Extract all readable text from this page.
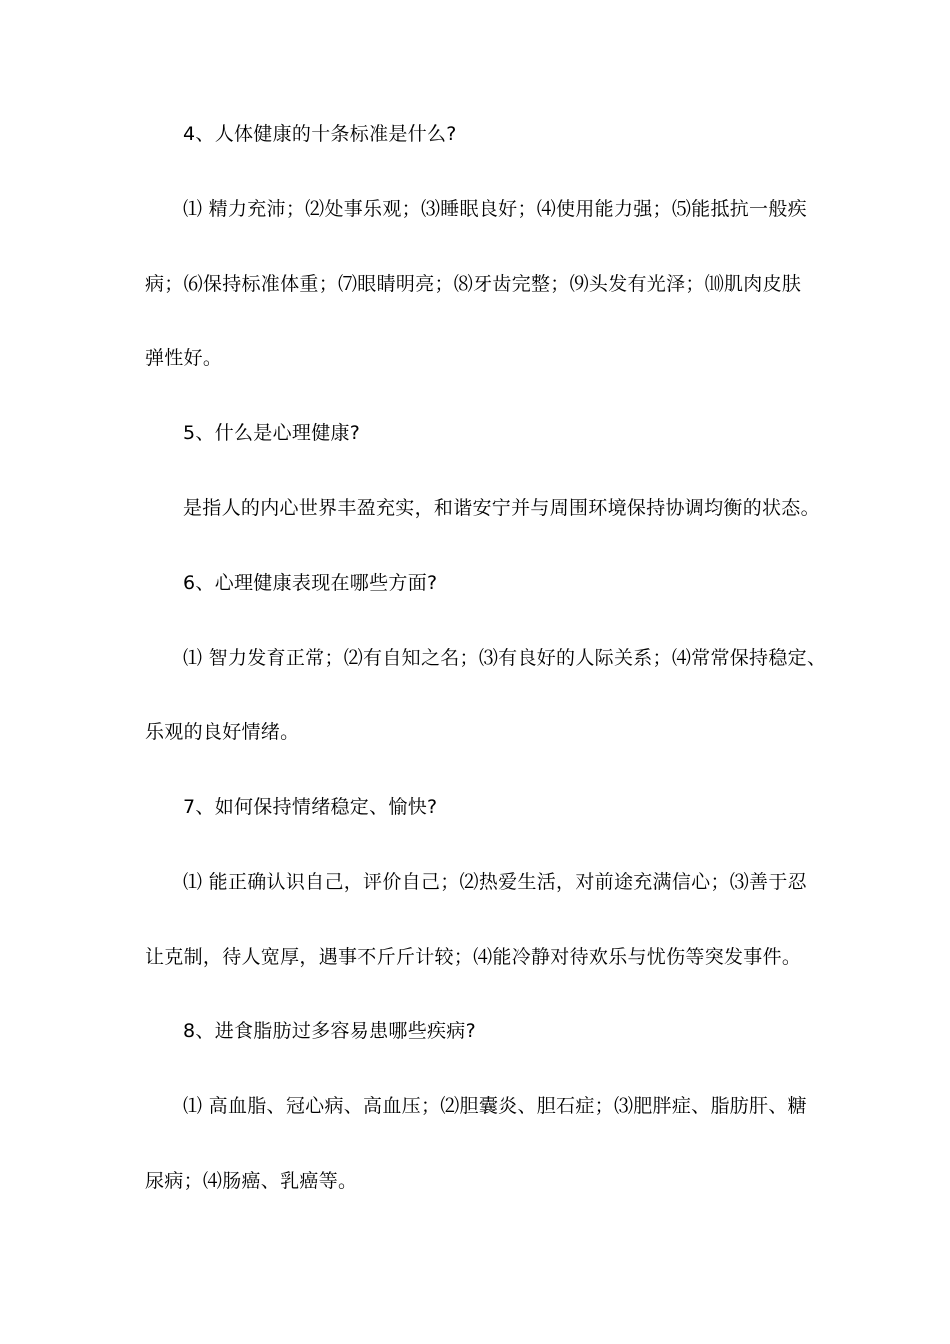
4、人体健康的十条标准是什么?
⑴ 精力充沛；⑵处事乐观；⑶睡眠良好；⑷使用能力强；⑸能抵抗一般疾
病；⑹保持标准体重；⑺眼睛明亮；⑻牙齿完整；⑼头发有光泽；⑽肌肉皮肤
弹性好。
5、什么是心理健康?
是指人的内心世界丰盈充实，和谐安宁并与周围环境保持协调均衡的状态。
6、心理健康表现在哪些方面?
⑴ 智力发育正常；⑵有自知之名；⑶有良好的人际关系；⑷常常保持稳定、
乐观的良好情绪。
7、如何保持情绪稳定、愉快?
⑴ 能正确认识自己，评价自己；⑵热爱生活，对前途充满信心；⑶善于忍
让克制，待人宽厚，遇事不斤斤计较；⑷能冷静对待欢乐与忧伤等突发事件。
8、进食脂肪过多容易患哪些疾病?
⑴ 高血脂、冠心病、高血压；⑵胆囊炎、胆石症；⑶肥胖症、脂肪肝、糖
尿病；⑷肠癌、乳癌等。
